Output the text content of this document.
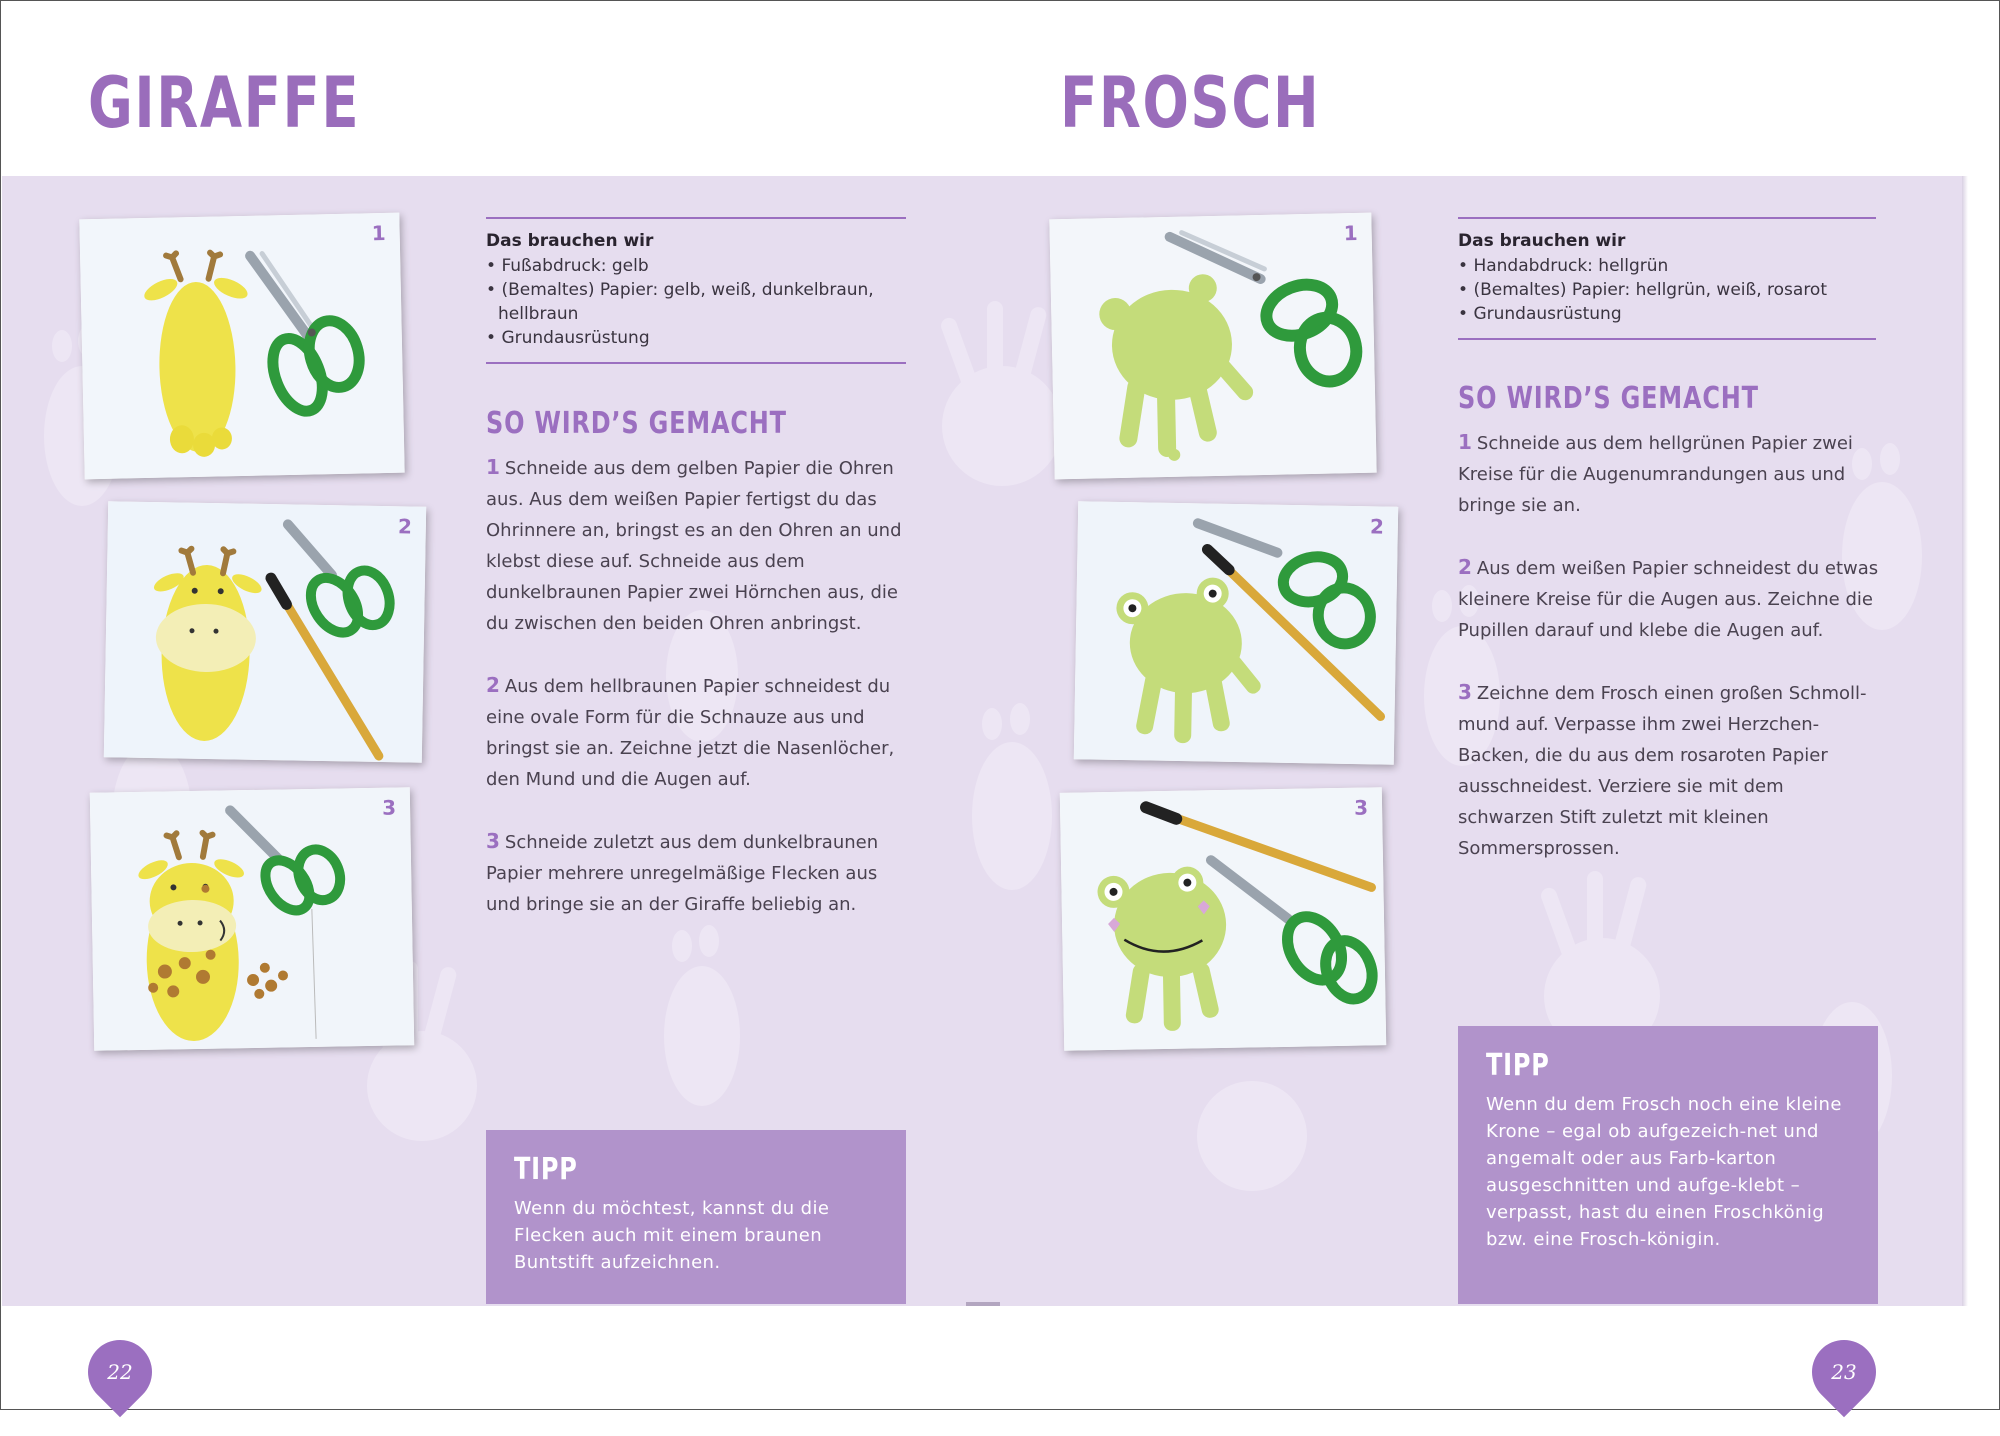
GIRAFFE
1
2
3
Das brauchen wir
• Fußabdruck: gelb
• (Bemaltes) Papier: gelb, weiß, dunkelbraun, hellbraun
• Grundausrüstung
SO WIRD’S GEMACHT

1 Schneide aus dem gelben Papier die Ohren aus. Aus dem weißen Papier fertigst du das Ohrinnere an, bringst es an den Ohren an und klebst diese auf. Schneide aus dem dunkelbraunen Papier zwei Hörnchen aus, die du zwischen den beiden Ohren anbringst.

2 Aus dem hellbraunen Papier schneidest du eine ovale Form für die Schnauze aus und bringst sie an. Zeichne jetzt die Nasenlöcher, den Mund und die Augen auf.

3 Schneide zuletzt aus dem dunkelbraunen Papier mehrere unregelmäßige Flecken aus und bringe sie an der Giraffe beliebig an.

TIPP
Wenn du möchtest, kannst du die Flecken auch mit einem braunen Buntstift aufzeichnen.
22
FROSCH
1
2
3
Das brauchen wir
• Handabdruck: hellgrün
• (Bemaltes) Papier: hellgrün, weiß, rosarot
• Grundausrüstung
SO WIRD’S GEMACHT

1 Schneide aus dem hellgrünen Papier zwei Kreise für die Augenumrandungen aus und bringe sie an.

2 Aus dem weißen Papier schneidest du etwas kleinere Kreise für die Augen aus. Zeichne die Pupillen darauf und klebe die Augen auf.

3 Zeichne dem Frosch einen großen Schmoll-mund auf. Verpasse ihm zwei Herzchen-Backen, die du aus dem rosaroten Papier ausschneidest. Verziere sie mit dem schwarzen Stift zuletzt mit kleinen Sommersprossen.

TIPP
Wenn du dem Frosch noch eine kleine Krone – egal ob aufgezeich-net und angemalt oder aus Farb-karton ausgeschnitten und aufge-klebt – verpasst, hast du einen Froschkönig bzw. eine Frosch-königin.
23
